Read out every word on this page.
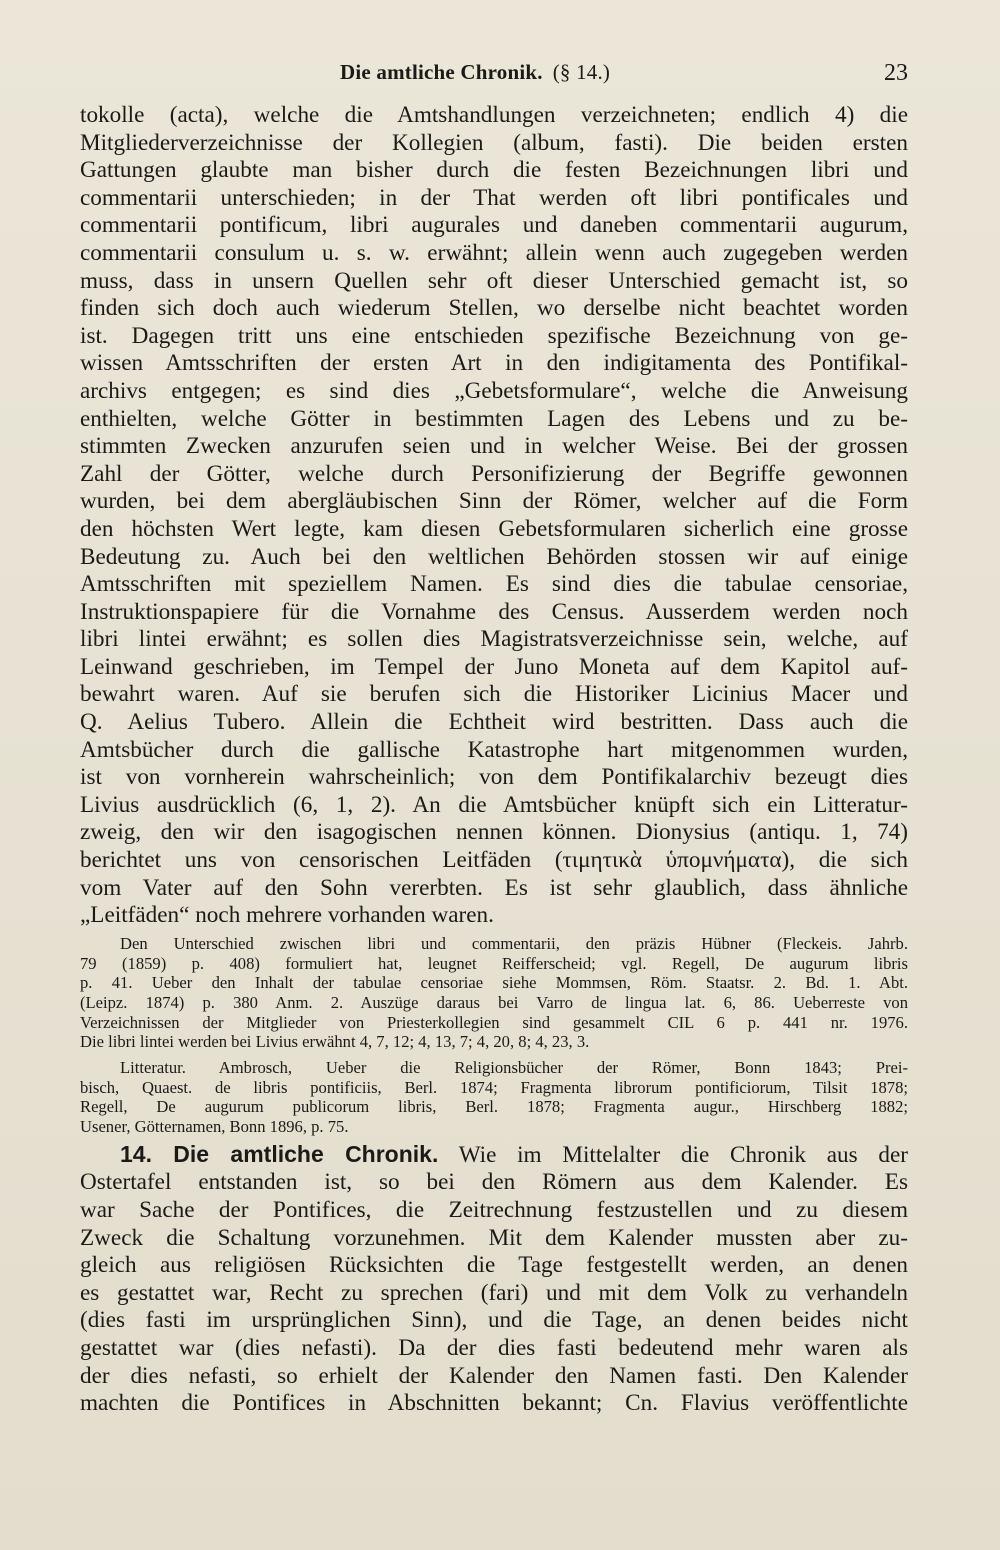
Die amtliche Chronik. (§ 14.)	23
tokolle (acta), welche die Amtshandlungen verzeichneten; endlich 4) die
Mitgliederverzeichnisse der Kollegien (album, fasti). Die beiden ersten
Gattungen glaubte man bisher durch die festen Bezeichnungen libri und
commentarii unterschieden; in der That werden oft libri pontificales und
commentarii pontificum, libri augurales und daneben commentarii augurum,
commentarii consulum u. s. w. erwähnt; allein wenn auch zugegeben werden
muss, dass in unsern Quellen sehr oft dieser Unterschied gemacht ist, so
finden sich doch auch wiederum Stellen, wo derselbe nicht beachtet worden
ist. Dagegen tritt uns eine entschieden spezifische Bezeichnung von ge-
wissen Amtsschriften der ersten Art in den indigitamenta des Pontifikal-
archivs entgegen; es sind dies „Gebetsformulare“, welche die Anweisung
enthielten, welche Götter in bestimmten Lagen des Lebens und zu be-
stimmten Zwecken anzurufen seien und in welcher Weise. Bei der grossen
Zahl der Götter, welche durch Personifizierung der Begriffe gewonnen
wurden, bei dem abergläubischen Sinn der Römer, welcher auf die Form
den höchsten Wert legte, kam diesen Gebetsformularen sicherlich eine grosse
Bedeutung zu. Auch bei den weltlichen Behörden stossen wir auf einige
Amtsschriften mit speziellem Namen. Es sind dies die tabulae censoriae,
Instruktionspapiere für die Vornahme des Census. Ausserdem werden noch
libri lintei erwähnt; es sollen dies Magistratsverzeichnisse sein, welche, auf
Leinwand geschrieben, im Tempel der Juno Moneta auf dem Kapitol auf-
bewahrt waren. Auf sie berufen sich die Historiker Licinius Macer und
Q. Aelius Tubero. Allein die Echtheit wird bestritten. Dass auch die
Amtsbücher durch die gallische Katastrophe hart mitgenommen wurden,
ist von vornherein wahrscheinlich; von dem Pontifikalarchiv bezeugt dies
Livius ausdrücklich (6, 1, 2). An die Amtsbücher knüpft sich ein Litteratur-
zweig, den wir den isagogischen nennen können. Dionysius (antiqu. 1, 74)
berichtet uns von censorischen Leitfäden (τιμητικὰ ὑπομνήματα), die sich
vom Vater auf den Sohn vererbten. Es ist sehr glaublich, dass ähnliche
„Leitfäden“ noch mehrere vorhanden waren.
Den Unterschied zwischen libri und commentarii, den präzis Hübner (Fleckeis. Jahrb.
79 (1859) p. 408) formuliert hat, leugnet Reifferscheid; vgl. Regell, De augurum libris
p. 41. Ueber den Inhalt der tabulae censoriae siehe Mommsen, Röm. Staatsr. 2. Bd. 1. Abt.
(Leipz. 1874) p. 380 Anm. 2. Auszüge daraus bei Varro de lingua lat. 6, 86. Ueberreste von
Verzeichnissen der Mitglieder von Priesterkollegien sind gesammelt CIL 6 p. 441 nr. 1976.
Die libri lintei werden bei Livius erwähnt 4, 7, 12; 4, 13, 7; 4, 20, 8; 4, 23, 3.
Litteratur. Ambrosch, Ueber die Religionsbücher der Römer, Bonn 1843; Prei-
bisch, Quaest. de libris pontificiis, Berl. 1874; Fragmenta librorum pontificiorum, Tilsit 1878;
Regell, De augurum publicorum libris, Berl. 1878; Fragmenta augur., Hirschberg 1882;
Usener, Götternamen, Bonn 1896, p. 75.
14. Die amtliche Chronik. Wie im Mittelalter die Chronik aus der
Ostertafel entstanden ist, so bei den Römern aus dem Kalender. Es
war Sache der Pontifices, die Zeitrechnung festzustellen und zu diesem
Zweck die Schaltung vorzunehmen. Mit dem Kalender mussten aber zu-
gleich aus religiösen Rücksichten die Tage festgestellt werden, an denen
es gestattet war, Recht zu sprechen (fari) und mit dem Volk zu verhandeln
(dies fasti im ursprünglichen Sinn), und die Tage, an denen beides nicht
gestattet war (dies nefasti). Da der dies fasti bedeutend mehr waren als
der dies nefasti, so erhielt der Kalender den Namen fasti. Den Kalender
machten die Pontifices in Abschnitten bekannt; Cn. Flavius veröffentlichte
